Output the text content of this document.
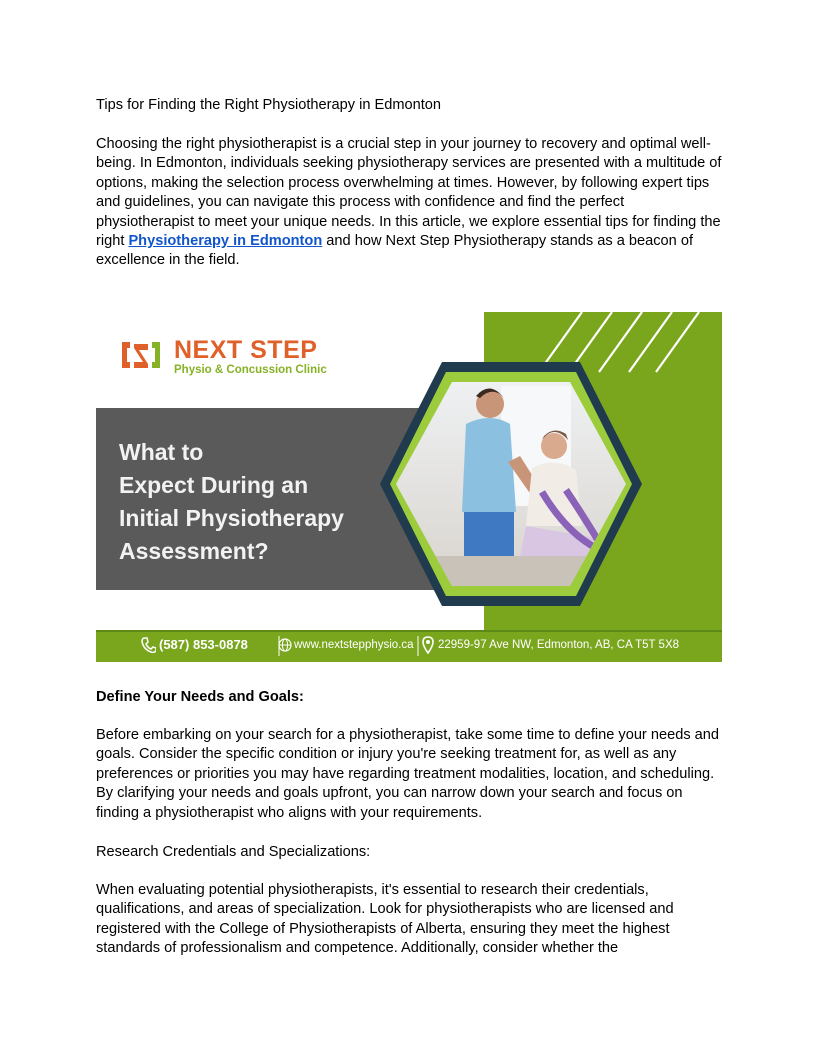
Tips for Finding the Right Physiotherapy in Edmonton

Choosing the right physiotherapist is a crucial step in your journey to recovery and optimal well-being. In Edmonton, individuals seeking physiotherapy services are presented with a multitude of options, making the selection process overwhelming at times. However, by following expert tips and guidelines, you can navigate this process with confidence and find the perfect physiotherapist to meet your unique needs. In this article, we explore essential tips for finding the right Physiotherapy in Edmonton and how Next Step Physiotherapy stands as a beacon of excellence in the field.

NEXT STEP
Physio & Concussion Clinic
What to
Expect During an
Initial Physiotherapy
Assessment?
(587) 853-0878	www.nextstepphysio.ca 22959-97 Ave NW, Edmonton, AB, CA T5T 5X8

Define Your Needs and Goals:

Before embarking on your search for a physiotherapist, take some time to define your needs and goals. Consider the specific condition or injury you're seeking treatment for, as well as any preferences or priorities you may have regarding treatment modalities, location, and scheduling. By clarifying your needs and goals upfront, you can narrow down your search and focus on finding a physiotherapist who aligns with your requirements.

Research Credentials and Specializations:

When evaluating potential physiotherapists, it's essential to research their credentials, qualifications, and areas of specialization. Look for physiotherapists who are licensed and registered with the College of Physiotherapists of Alberta, ensuring they meet the highest standards of professionalism and competence. Additionally, consider whether the
